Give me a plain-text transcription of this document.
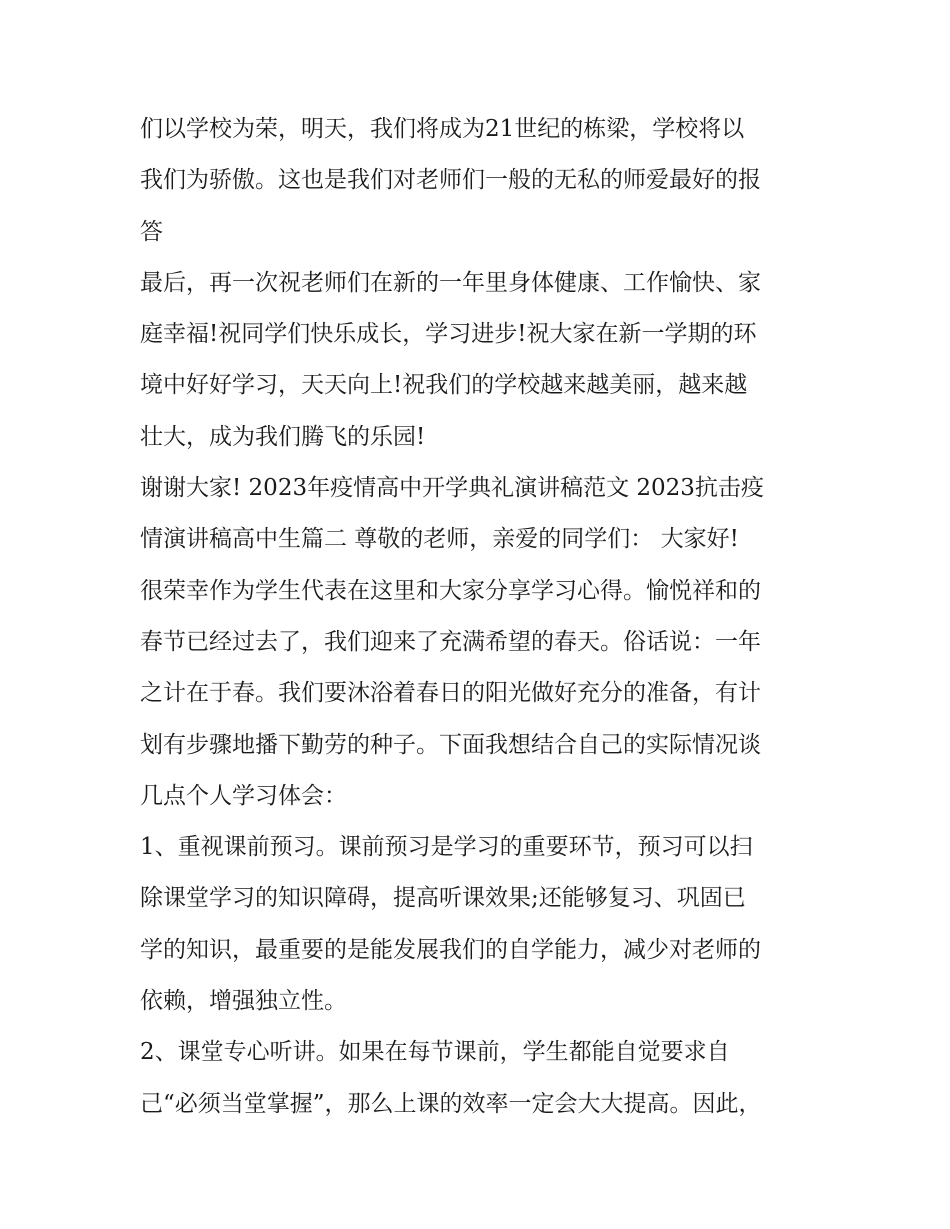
们以学校为荣，明天，我们将成为21世纪的栋梁，学校将以
我们为骄傲。这也是我们对老师们一般的无私的师爱最好的报
答
最后，再一次祝老师们在新的一年里身体健康、工作愉快、家
庭幸福!祝同学们快乐成长，学习进步!祝大家在新一学期的环
境中好好学习，天天向上!祝我们的学校越来越美丽，越来越
壮大，成为我们腾飞的乐园!
谢谢大家! 2023年疫情高中开学典礼演讲稿范文 2023抗击疫
情演讲稿高中生篇二 尊敬的老师，亲爱的同学们： 大家好!
很荣幸作为学生代表在这里和大家分享学习心得。愉悦祥和的
春节已经过去了，我们迎来了充满希望的春天。俗话说：一年
之计在于春。我们要沐浴着春日的阳光做好充分的准备，有计
划有步骤地播下勤劳的种子。下面我想结合自己的实际情况谈
几点个人学习体会：
1、重视课前预习。课前预习是学习的重要环节，预习可以扫
除课堂学习的知识障碍，提高听课效果;还能够复习、巩固已
学的知识，最重要的是能发展我们的自学能力，减少对老师的
依赖，增强独立性。
2、课堂专心听讲。如果在每节课前，学生都能自觉要求自
己“必须当堂掌握”，那么上课的效率一定会大大提高。因此，
